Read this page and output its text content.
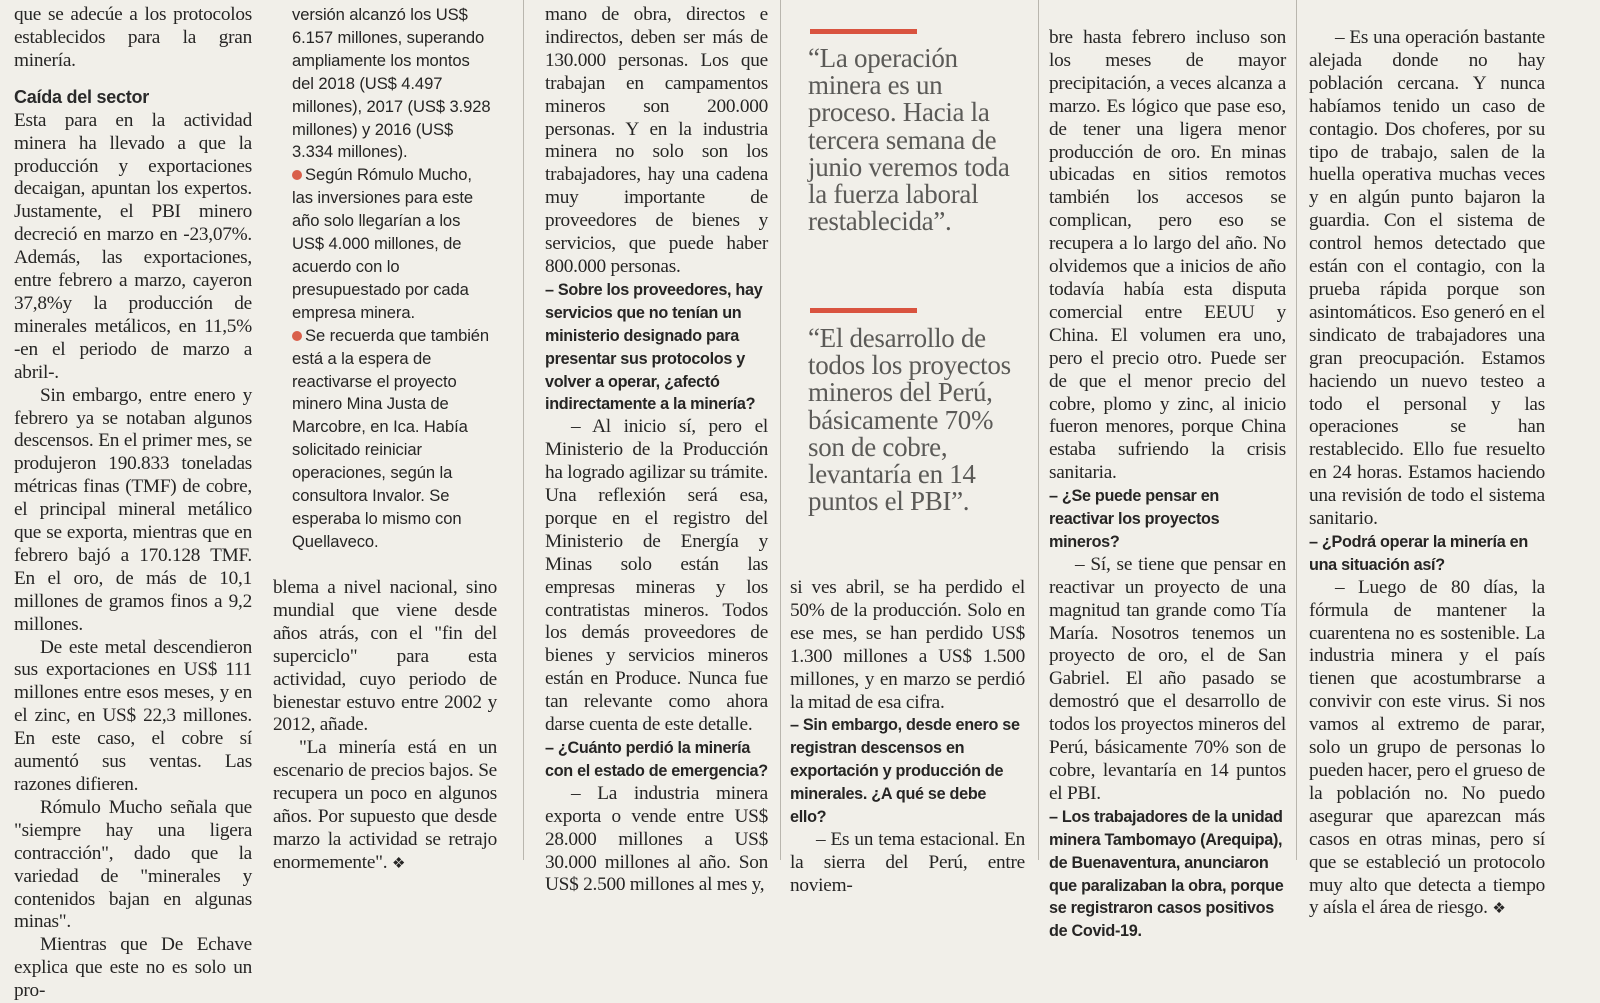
que se adecúe a los protocolos establecidos para la gran minería.

Caída del sector

Esta para en la actividad minera ha llevado a que la producción y exportaciones decaigan, apuntan los expertos. Justamente, el PBI minero decreció en marzo en -23,07%. Además, las exportaciones, entre febrero a marzo, cayeron 37,8%y la producción de minerales metálicos, en 11,5% -en el periodo de marzo a abril-.

Sin embargo, entre enero y febrero ya se notaban algunos descensos. En el primer mes, se produjeron 190.833 toneladas métricas finas (TMF) de cobre, el principal mineral metálico que se exporta, mientras que en febrero bajó a 170.128 TMF. En el oro, de más de 10,1 millones de gramos finos a 9,2 millones.

De este metal descendieron sus exportaciones en US$ 111 millones entre esos meses, y en el zinc, en US$ 22,3 millones. En este caso, el cobre sí aumentó sus ventas. Las razones difieren.

Rómulo Mucho señala que "siempre hay una ligera contracción", dado que la variedad de "minerales y contenidos bajan en algunas minas".

Mientras que De Echave explica que este no es solo un pro-

versión alcanzó los US$ 6.157 millones, superando ampliamente los montos del 2018 (US$ 4.497 millones), 2017 (US$ 3.928 millones) y 2016 (US$ 3.334 millones).

Según Rómulo Mucho, las inversiones para este año solo llegarían a los US$ 4.000 millones, de acuerdo con lo presupuestado por cada empresa minera.

Se recuerda que también está a la espera de reactivarse el proyecto minero Mina Justa de Marcobre, en Ica. Había solicitado reiniciar operaciones, según la consultora Invalor. Se esperaba lo mismo con Quellaveco.

blema a nivel nacional, sino mundial que viene desde años atrás, con el "fin del superciclo" para esta actividad, cuyo periodo de bienestar estuvo entre 2002 y 2012, añade.

"La minería está en un escenario de precios bajos. Se recupera un poco en algunos años. Por supuesto que desde marzo la actividad se retrajo enormemente". ❖

mano de obra, directos e indirectos, deben ser más de 130.000 personas. Los que trabajan en campamentos mineros son 200.000 personas. Y en la industria minera no solo son los trabajadores, hay una cadena muy importante de proveedores de bienes y servicios, que puede haber 800.000 personas.

– Sobre los proveedores, hay servicios que no tenían un ministerio designado para presentar sus protocolos y volver a operar, ¿afectó indirectamente a la minería?

– Al inicio sí, pero el Ministerio de la Producción ha logrado agilizar su trámite. Una reflexión será esa, porque en el registro del Ministerio de Energía y Minas solo están las empresas mineras y los contratistas mineros. Todos los demás proveedores de bienes y servicios mineros están en Produce. Nunca fue tan relevante como ahora darse cuenta de este detalle.

– ¿Cuánto perdió la minería con el estado de emergencia?

– La industria minera exporta o vende entre US$ 28.000 millones a US$ 30.000 millones al año. Son US$ 2.500 millones al mes y,

“La operación minera es un proceso. Hacia la tercera semana de junio veremos toda la fuerza laboral restablecida”.
“El desarrollo de todos los proyectos mineros del Perú, básicamente 70% son de cobre, levantaría en 14 puntos el PBI”.

si ves abril, se ha perdido el 50% de la producción. Solo en ese mes, se han perdido US$ 1.300 millones a US$ 1.500 millones, y en marzo se perdió la mitad de esa cifra.

– Sin embargo, desde enero se registran descensos en exportación y producción de minerales. ¿A qué se debe ello?

– Es un tema estacional. En la sierra del Perú, entre noviem-

bre hasta febrero incluso son los meses de mayor precipitación, a veces alcanza a marzo. Es lógico que pase eso, de tener una ligera menor producción de oro. En minas ubicadas en sitios remotos también los accesos se complican, pero eso se recupera a lo largo del año. No olvidemos que a inicios de año todavía había esta disputa comercial entre EEUU y China. El volumen era uno, pero el precio otro. Puede ser de que el menor precio del cobre, plomo y zinc, al inicio fueron menores, porque China estaba sufriendo la crisis sanitaria.

– ¿Se puede pensar en reactivar los proyectos mineros?

– Sí, se tiene que pensar en reactivar un proyecto de una magnitud tan grande como Tía María. Nosotros tenemos un proyecto de oro, el de San Gabriel. El año pasado se demostró que el desarrollo de todos los proyectos mineros del Perú, básicamente 70% son de cobre, levantaría en 14 puntos el PBI.

– Los trabajadores de la unidad minera Tambomayo (Arequipa), de Buenaventura, anunciaron que paralizaban la obra, porque se registraron casos positivos de Covid-19.

– Es una operación bastante alejada donde no hay población cercana. Y nunca habíamos tenido un caso de contagio. Dos choferes, por su tipo de trabajo, salen de la huella operativa muchas veces y en algún punto bajaron la guardia. Con el sistema de control hemos detectado que están con el contagio, con la prueba rápida porque son asintomáticos. Eso generó en el sindicato de trabajadores una gran preocupación. Estamos haciendo un nuevo testeo a todo el personal y las operaciones se han restablecido. Ello fue resuelto en 24 horas. Estamos haciendo una revisión de todo el sistema sanitario.

– ¿Podrá operar la minería en una situación así?

– Luego de 80 días, la fórmula de mantener la cuarentena no es sostenible. La industria minera y el país tienen que acostumbrarse a convivir con este virus. Si nos vamos al extremo de parar, solo un grupo de personas lo pueden hacer, pero el grueso de la población no. No puedo asegurar que aparezcan más casos en otras minas, pero sí que se estableció un protocolo muy alto que detecta a tiempo y aísla el área de riesgo. ❖
